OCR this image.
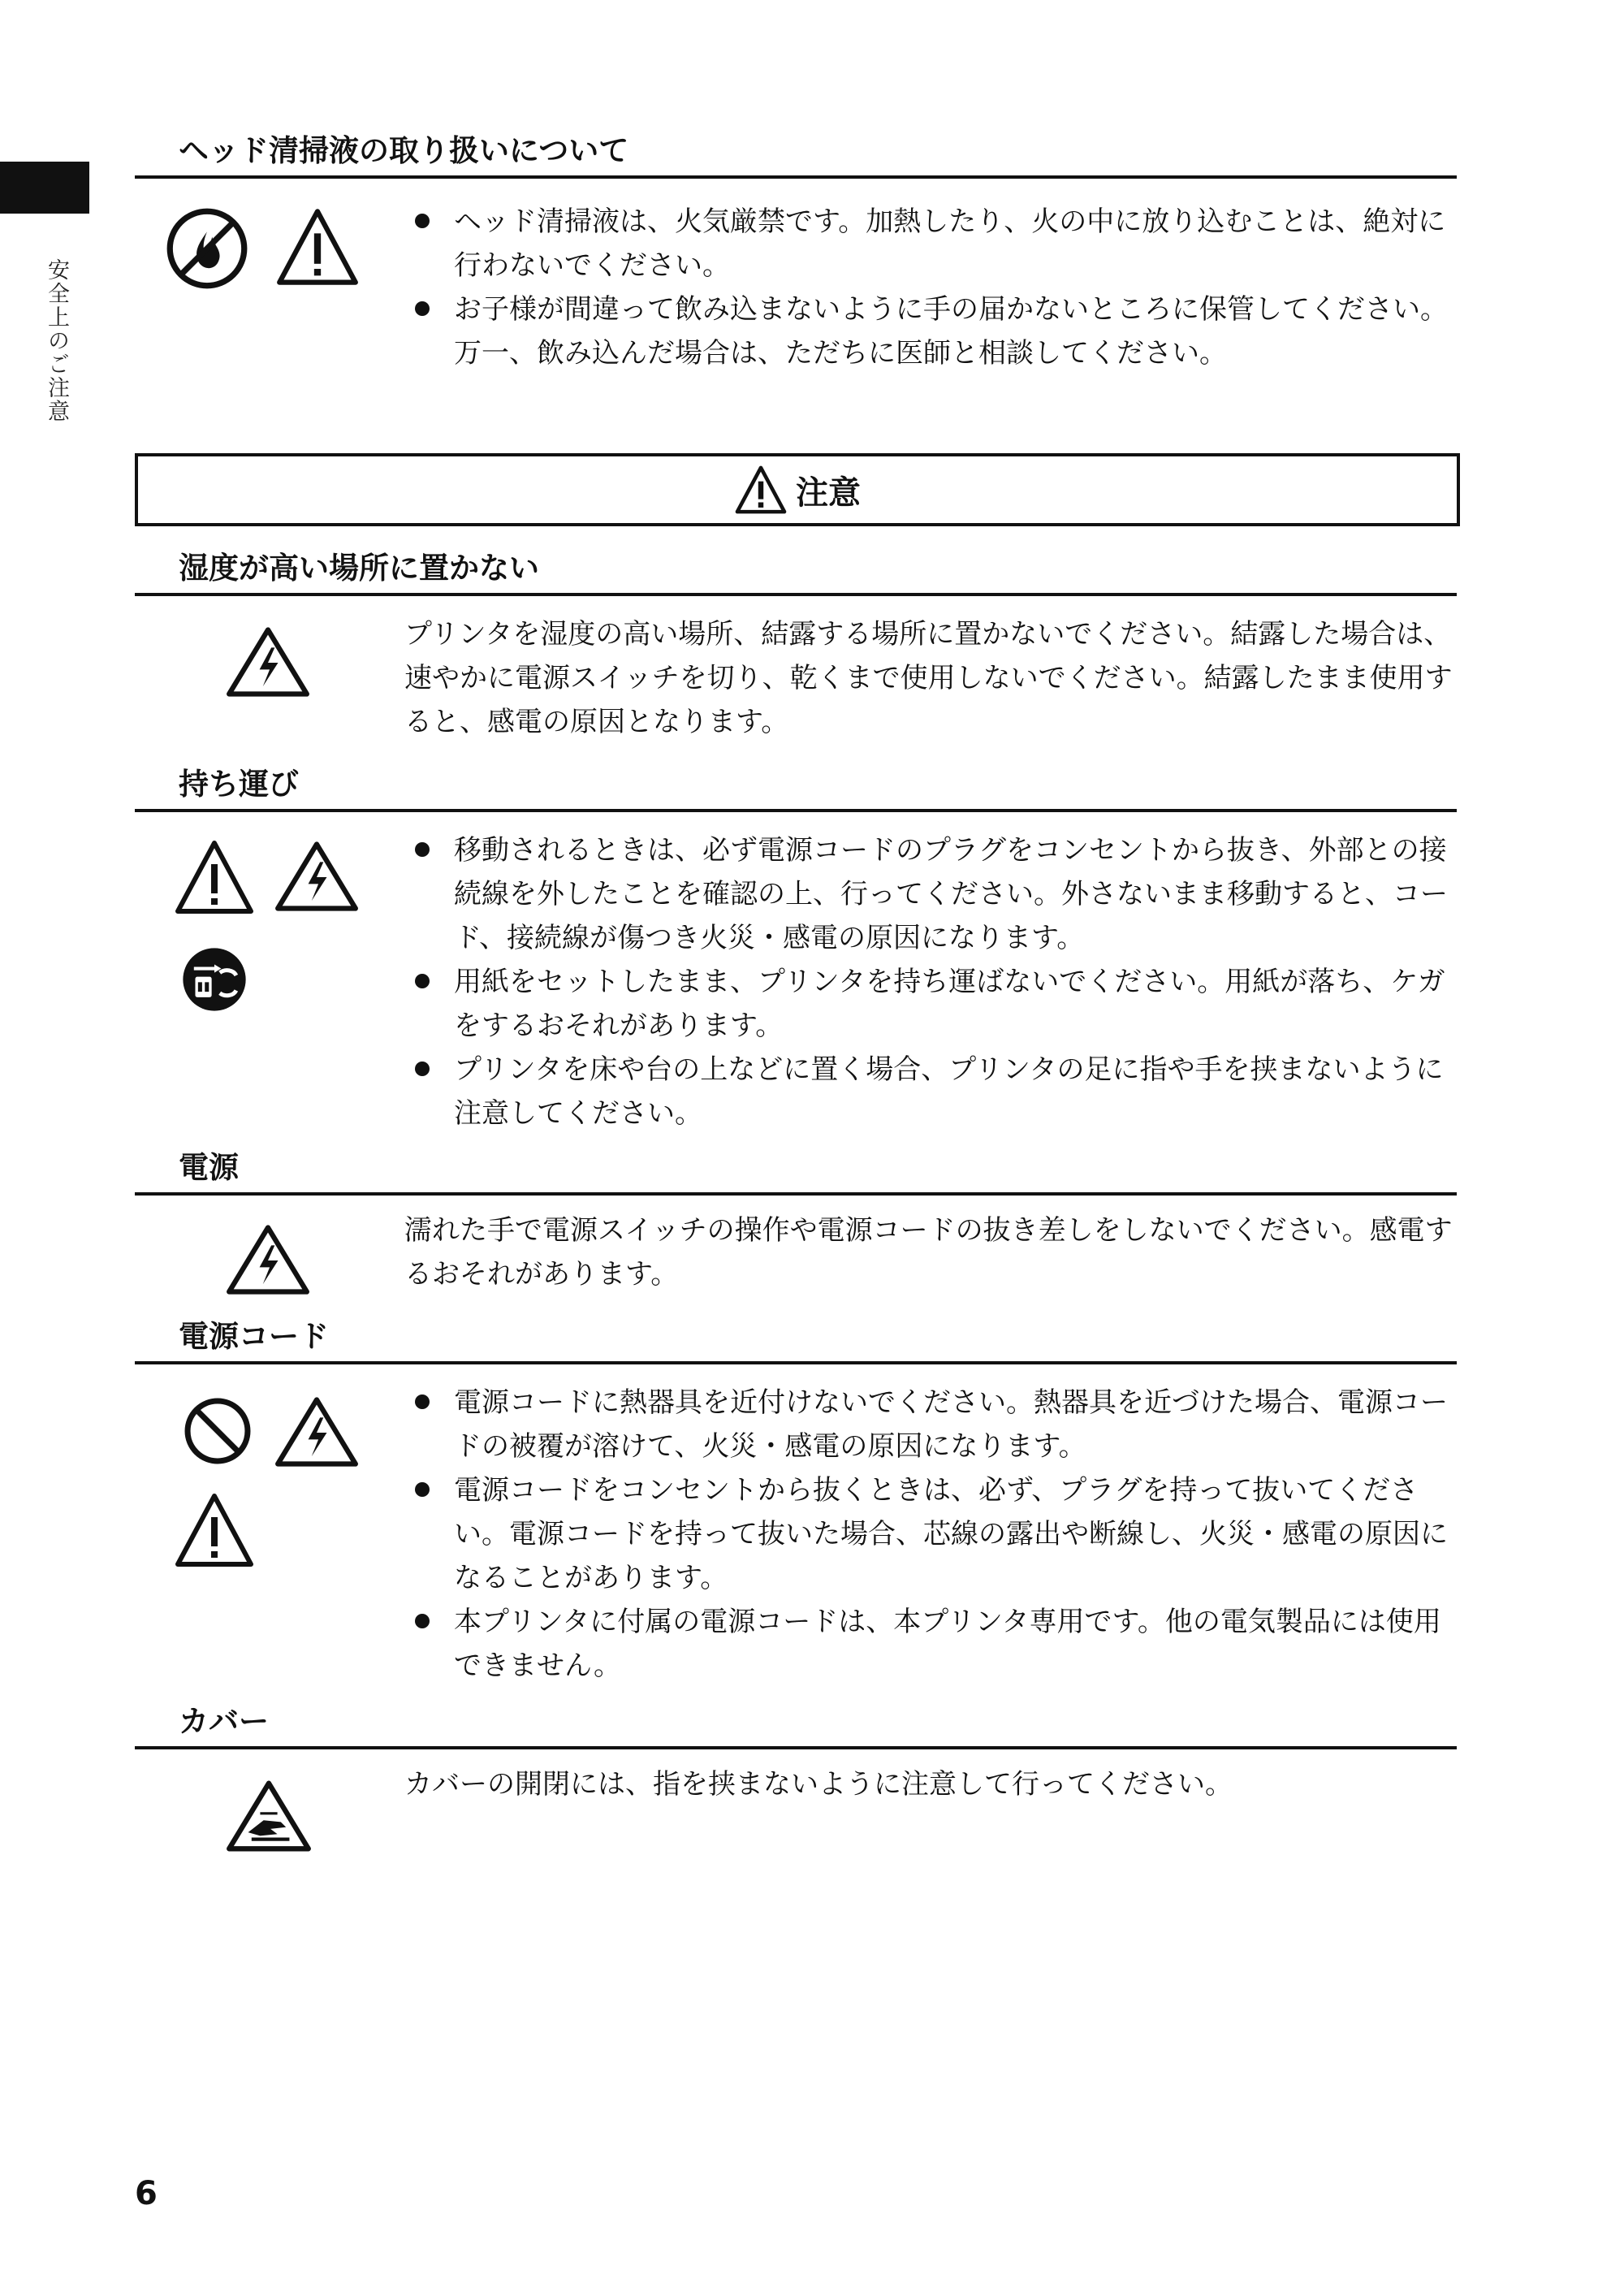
安全上のご注意
ヘッド清掃液の取り扱いについて
ヘッド清掃液は、火気厳禁です。加熱したり、火の中に放り込むことは、絶対に行わないでください。
お子様が間違って飲み込まないように手の届かないところに保管してください。万一、飲み込んだ場合は、ただちに医師と相談してください。
注意
湿度が高い場所に置かない
プリンタを湿度の高い場所、結露する場所に置かないでください。結露した場合は、速やかに電源スイッチを切り、乾くまで使用しないでください。結露したまま使用すると、感電の原因となります。
持ち運び
移動されるときは、必ず電源コードのプラグをコンセントから抜き、外部との接続線を外したことを確認の上、行ってください。外さないまま移動すると、コード、接続線が傷つき火災・感電の原因になります。
用紙をセットしたまま、プリンタを持ち運ばないでください。用紙が落ち、ケガをするおそれがあります。
プリンタを床や台の上などに置く場合、プリンタの足に指や手を挟まないように注意してください。
電源
濡れた手で電源スイッチの操作や電源コードの抜き差しをしないでください。感電するおそれがあります。
電源コード
電源コードに熱器具を近付けないでください。熱器具を近づけた場合、電源コードの被覆が溶けて、火災・感電の原因になります。
電源コードをコンセントから抜くときは、必ず、プラグを持って抜いてください。電源コードを持って抜いた場合、芯線の露出や断線し、火災・感電の原因になることがあります。
本プリンタに付属の電源コードは、本プリンタ専用です。他の電気製品には使用できません。
カバー
カバーの開閉には、指を挟まないように注意して行ってください。
6
